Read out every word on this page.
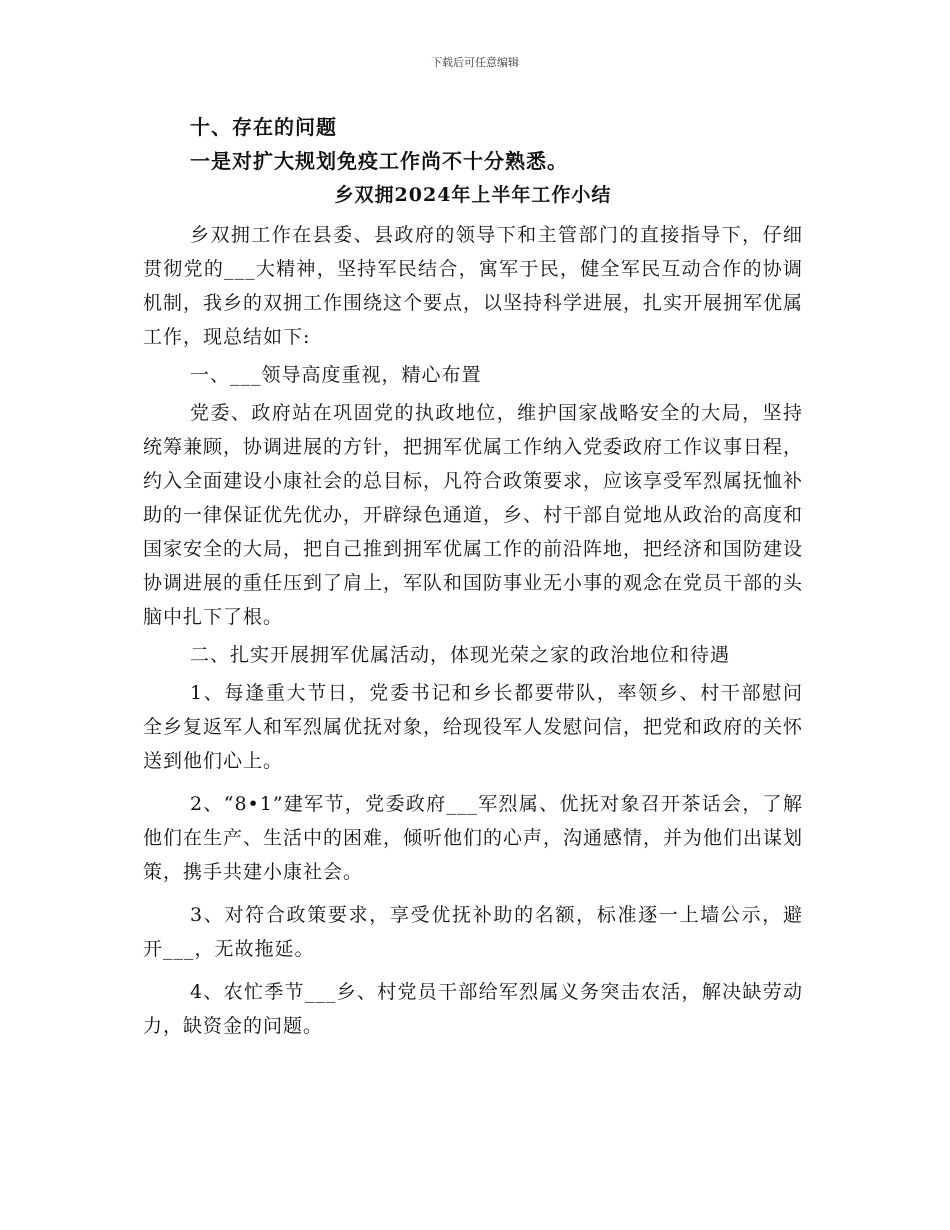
下载后可任意编辑
十、存在的问题
一是对扩大规划免疫工作尚不十分熟悉。
乡双拥2024年上半年工作小结

乡双拥工作在县委、县政府的领导下和主管部门的直接指导下，仔细贯彻党的___大精神，坚持军民结合，寓军于民，健全军民互动合作的协调机制，我乡的双拥工作围绕这个要点，以坚持科学进展，扎实开展拥军优属工作，现总结如下:

一、___领导高度重视，精心布置

党委、政府站在巩固党的执政地位，维护国家战略安全的大局，坚持统筹兼顾，协调进展的方针，把拥军优属工作纳入党委政府工作议事日程，约入全面建设小康社会的总目标，凡符合政策要求，应该享受军烈属抚恤补助的一律保证优先优办，开辟绿色通道，乡、村干部自觉地从政治的高度和国家安全的大局，把自己推到拥军优属工作的前沿阵地，把经济和国防建设协调进展的重任压到了肩上，军队和国防事业无小事的观念在党员干部的头脑中扎下了根。

二、扎实开展拥军优属活动，体现光荣之家的政治地位和待遇

1、每逢重大节日，党委书记和乡长都要带队，率领乡、村干部慰问全乡复返军人和军烈属优抚对象，给现役军人发慰问信，把党和政府的关怀送到他们心上。

2、“8•1”建军节，党委政府___军烈属、优抚对象召开茶话会，了解他们在生产、生活中的困难，倾听他们的心声，沟通感情，并为他们出谋划策，携手共建小康社会。

3、对符合政策要求，享受优抚补助的名额，标准逐一上墙公示，避开___，无故拖延。

4、农忙季节___乡、村党员干部给军烈属义务突击农活，解决缺劳动力，缺资金的问题。
